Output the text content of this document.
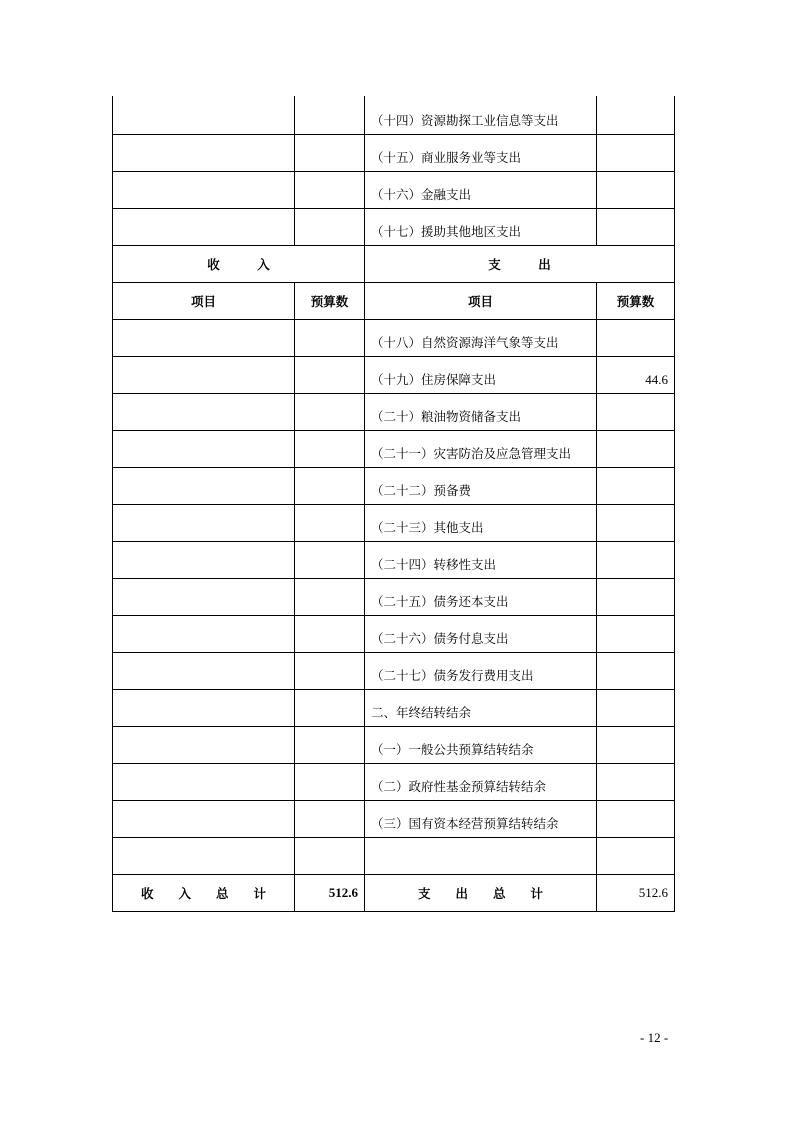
		（十四）资源勘探工业信息等支出	
		（十五）商业服务业等支出	
		（十六）金融支出	
		（十七）援助其他地区支出	
收　　　入		支　　　出	
项目	预算数	项目	预算数
		（十八）自然资源海洋气象等支出	
		（十九）住房保障支出	44.6
		（二十）粮油物资储备支出	
		（二十一）灾害防治及应急管理支出	
		（二十二）预备费	
		（二十三）其他支出	
		（二十四）转移性支出	
		（二十五）债务还本支出	
		（二十六）债务付息支出	
		（二十七）债务发行费用支出	
		二、年终结转结余	
		（一）一般公共预算结转结余	
		（二）政府性基金预算结转结余	
		（三）国有资本经营预算结转结余	

收　　入　　总　　计	512.6	支　　出　　总　　计	512.6
- 12 -
